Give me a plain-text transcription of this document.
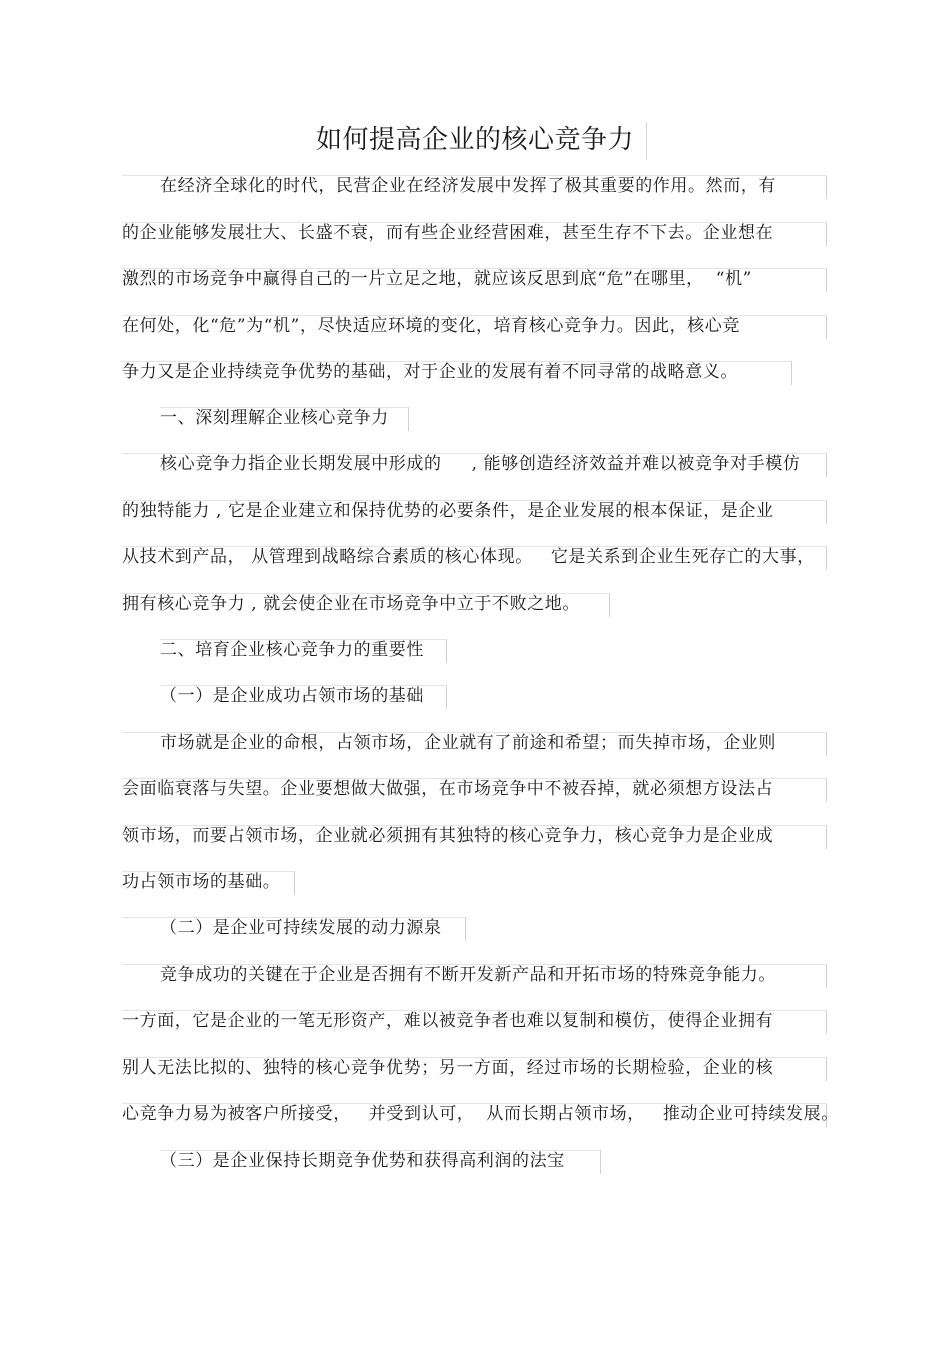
如何提高企业的核心竞争力
在经济全球化的时代，民营企业在经济发展中发挥了极其重要的作用。然而，有
的企业能够发展壮大、长盛不衰，而有些企业经营困难，甚至生存不下去。企业想在
激烈的市场竞争中赢得自己的一片立足之地，就应该反思到底“危”在哪里，  “机”
在何处，化“危”为“机”，尽快适应环境的变化，培育核心竞争力。因此，核心竞
争力又是企业持续竞争优势的基础，对于企业的发展有着不同寻常的战略意义。
一、深刻理解企业核心竞争力
核心竞争力指企业长期发展中形成的     , 能够创造经济效益并难以被竞争对手模仿
的独特能力 , 它是企业建立和保持优势的必要条件，是企业发展的根本保证，是企业
从技术到产品， 从管理到战略综合素质的核心体现。   它是关系到企业生死存亡的大事，
拥有核心竞争力 , 就会使企业在市场竞争中立于不败之地。
二、培育企业核心竞争力的重要性
（一）是企业成功占领市场的基础
市场就是企业的命根，占领市场，企业就有了前途和希望；而失掉市场，企业则
会面临衰落与失望。企业要想做大做强，在市场竞争中不被吞掉，就必须想方设法占
领市场，而要占领市场，企业就必须拥有其独特的核心竞争力，核心竞争力是企业成
功占领市场的基础。
（二）是企业可持续发展的动力源泉
竞争成功的关键在于企业是否拥有不断开发新产品和开拓市场的特殊竞争能力。
一方面，它是企业的一笔无形资产，难以被竞争者也难以复制和模仿，使得企业拥有
别人无法比拟的、独特的核心竞争优势；另一方面，经过市场的长期检验，企业的核
心竞争力易为被客户所接受，   并受到认可，  从而长期占领市场，   推动企业可持续发展。
（三）是企业保持长期竞争优势和获得高利润的法宝
